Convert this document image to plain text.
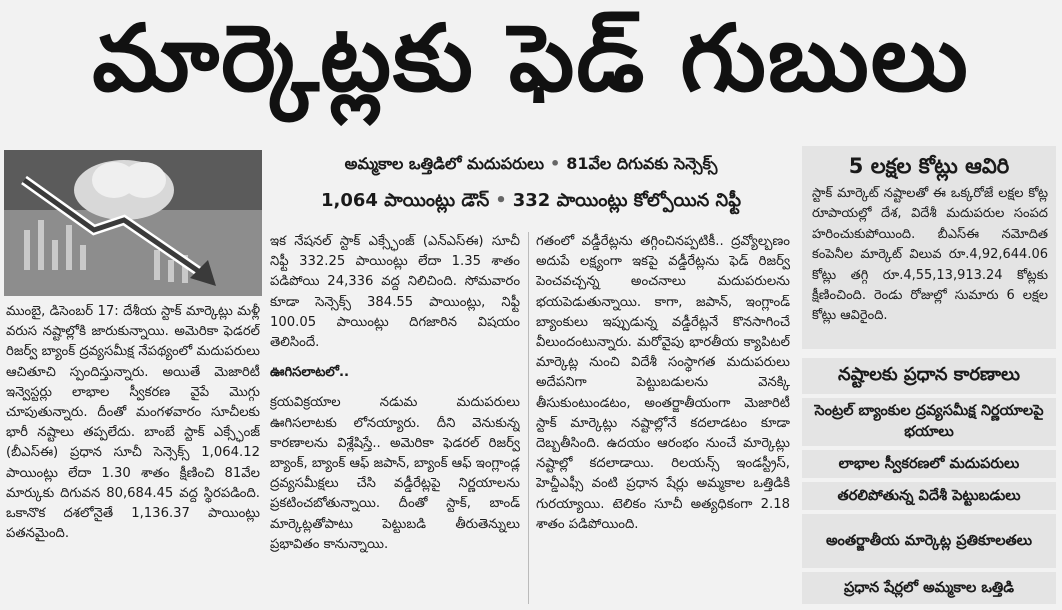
మార్కెట్లకు ఫెడ్ గుబులు

ముంబై, డిసెంబర్ 17: దేశీయ స్టాక్ మార్కెట్లు మళ్లీ వరుస నష్టాల్లోకి జారుకున్నాయి. అమెరికా ఫెడరల్ రిజర్వ్ బ్యాంక్ ద్రవ్యసమీక్ష నేపథ్యంలో మదుపరులు ఆచితూచి స్పందిస్తున్నారు. అయితే మెజారిటీ ఇన్వెస్టర్లు లాభాల స్వీకరణ వైపే మొగ్గు చూపుతున్నారు. దీంతో మంగళవారం సూచీలకు భారీ నష్టాలు తప్పలేదు. బాంబే స్టాక్ ఎక్స్ఛేంజ్ (బీఎస్ఈ) ప్రధాన సూచీ సెన్సెక్స్ 1,064.12 పాయింట్లు లేదా 1.30 శాతం క్షీణించి 81వేల మార్కుకు దిగువన 80,684.45 వద్ద స్థిరపడింది. ఒకానొక దశలోనైతే 1,136.37 పాయింట్లు పతనమైంది.

అమ్మకాల ఒత్తిడిలో మదుపరులు • 81వేల దిగువకు సెన్సెక్స్
1,064 పాయింట్లు డౌన్ • 332 పాయింట్లు కోల్పోయిన నిఫ్టీ

ఇక నేషనల్ స్టాక్ ఎక్స్ఛేంజ్ (ఎన్ఎస్ఈ) సూచీ నిఫ్టీ 332.25 పాయింట్లు లేదా 1.35 శాతం పడిపోయి 24,336 వద్ద నిలిచింది. సోమవారం కూడా సెన్సెక్స్ 384.55 పాయింట్లు, నిఫ్టీ 100.05 పాయింట్లు దిగజారిన విషయం తెలిసిందే.

ఊగిసలాటలో..

క్రయవిక్రయాల నడుమ మదుపరులు ఊగిసలాటకు లోనయ్యారు. దీని వెనుకున్న కారణాలను విశ్లేషిస్తే.. అమెరికా ఫెడరల్ రిజర్వ్ బ్యాంక్, బ్యాంక్ ఆఫ్ జపాన్, బ్యాంక్ ఆఫ్ ఇంగ్లాండ్ల ద్రవ్యసమీక్షలు చేసి వడ్డీరేట్లపై నిర్ణయాలను ప్రకటించబోతున్నాయి. దీంతో స్టాక్, బాండ్ మార్కెట్లతోపాటు పెట్టుబడి తీరుతెన్నులు ప్రభావితం కానున్నాయి.

గతంలో వడ్డీరేట్లను తగ్గించినప్పటికీ.. ద్రవ్యోల్బణం అదుపే లక్ష్యంగా ఇకపై వడ్డీరేట్లను ఫెడ్ రిజర్వ్ పెంచవచ్చన్న అంచనాలు మదుపరులను భయపెడుతున్నాయి. కాగా, జపాన్, ఇంగ్లాండ్ బ్యాంకులు ఇప్పుడున్న వడ్డీరేట్లనే కొనసాగించే వీలుందంటున్నారు. మరోవైపు భారతీయ క్యాపిటల్ మార్కెట్ల నుంచి విదేశీ సంస్థాగత మదుపరులు అదేపనిగా పెట్టుబడులను వెనక్కి తీసుకుంటుండటం, అంతర్జాతీయంగా మెజారిటీ స్టాక్ మార్కెట్లు నష్టాల్లోనే కదలాడటం కూడా దెబ్బతీసింది. ఉదయం ఆరంభం నుంచే మార్కెట్లు నష్టాల్లో కదలాడాయి. రిలయన్స్ ఇండస్ట్రీస్, హెచ్డీఎఫ్సీ వంటి ప్రధాన షేర్లు అమ్మకాల ఒత్తిడికి గురయ్యాయి. టెలికం సూచీ అత్యధికంగా 2.18 శాతం పడిపోయింది.

5 లక్షల కోట్లు ఆవిరి
స్టాక్ మార్కెట్ నష్టాలతో ఈ ఒక్కరోజే లక్షల కోట్ల రూపాయల్లో దేశ, విదేశీ మదుపరుల సంపద హరించుకుపోయింది. బీఎస్ఈ నమోదిత కంపెనీల మార్కెట్ విలువ రూ.4,92,644.06 కోట్లు తగ్గి రూ.4,55,13,913.24 కోట్లకు క్షీణించింది. రెండు రోజుల్లో సుమారు 6 లక్షల కోట్లు ఆవిరైంది.
నష్టాలకు ప్రధాన కారణాలు
సెంట్రల్ బ్యాంకుల ద్రవ్యసమీక్ష నిర్ణయాలపై భయాలు
లాభాల స్వీకరణలో మదుపరులు
తరలిపోతున్న విదేశీ పెట్టుబడులు
అంతర్జాతీయ మార్కెట్ల ప్రతికూలతలు
ప్రధాన షేర్లలో అమ్మకాల ఒత్తిడి
